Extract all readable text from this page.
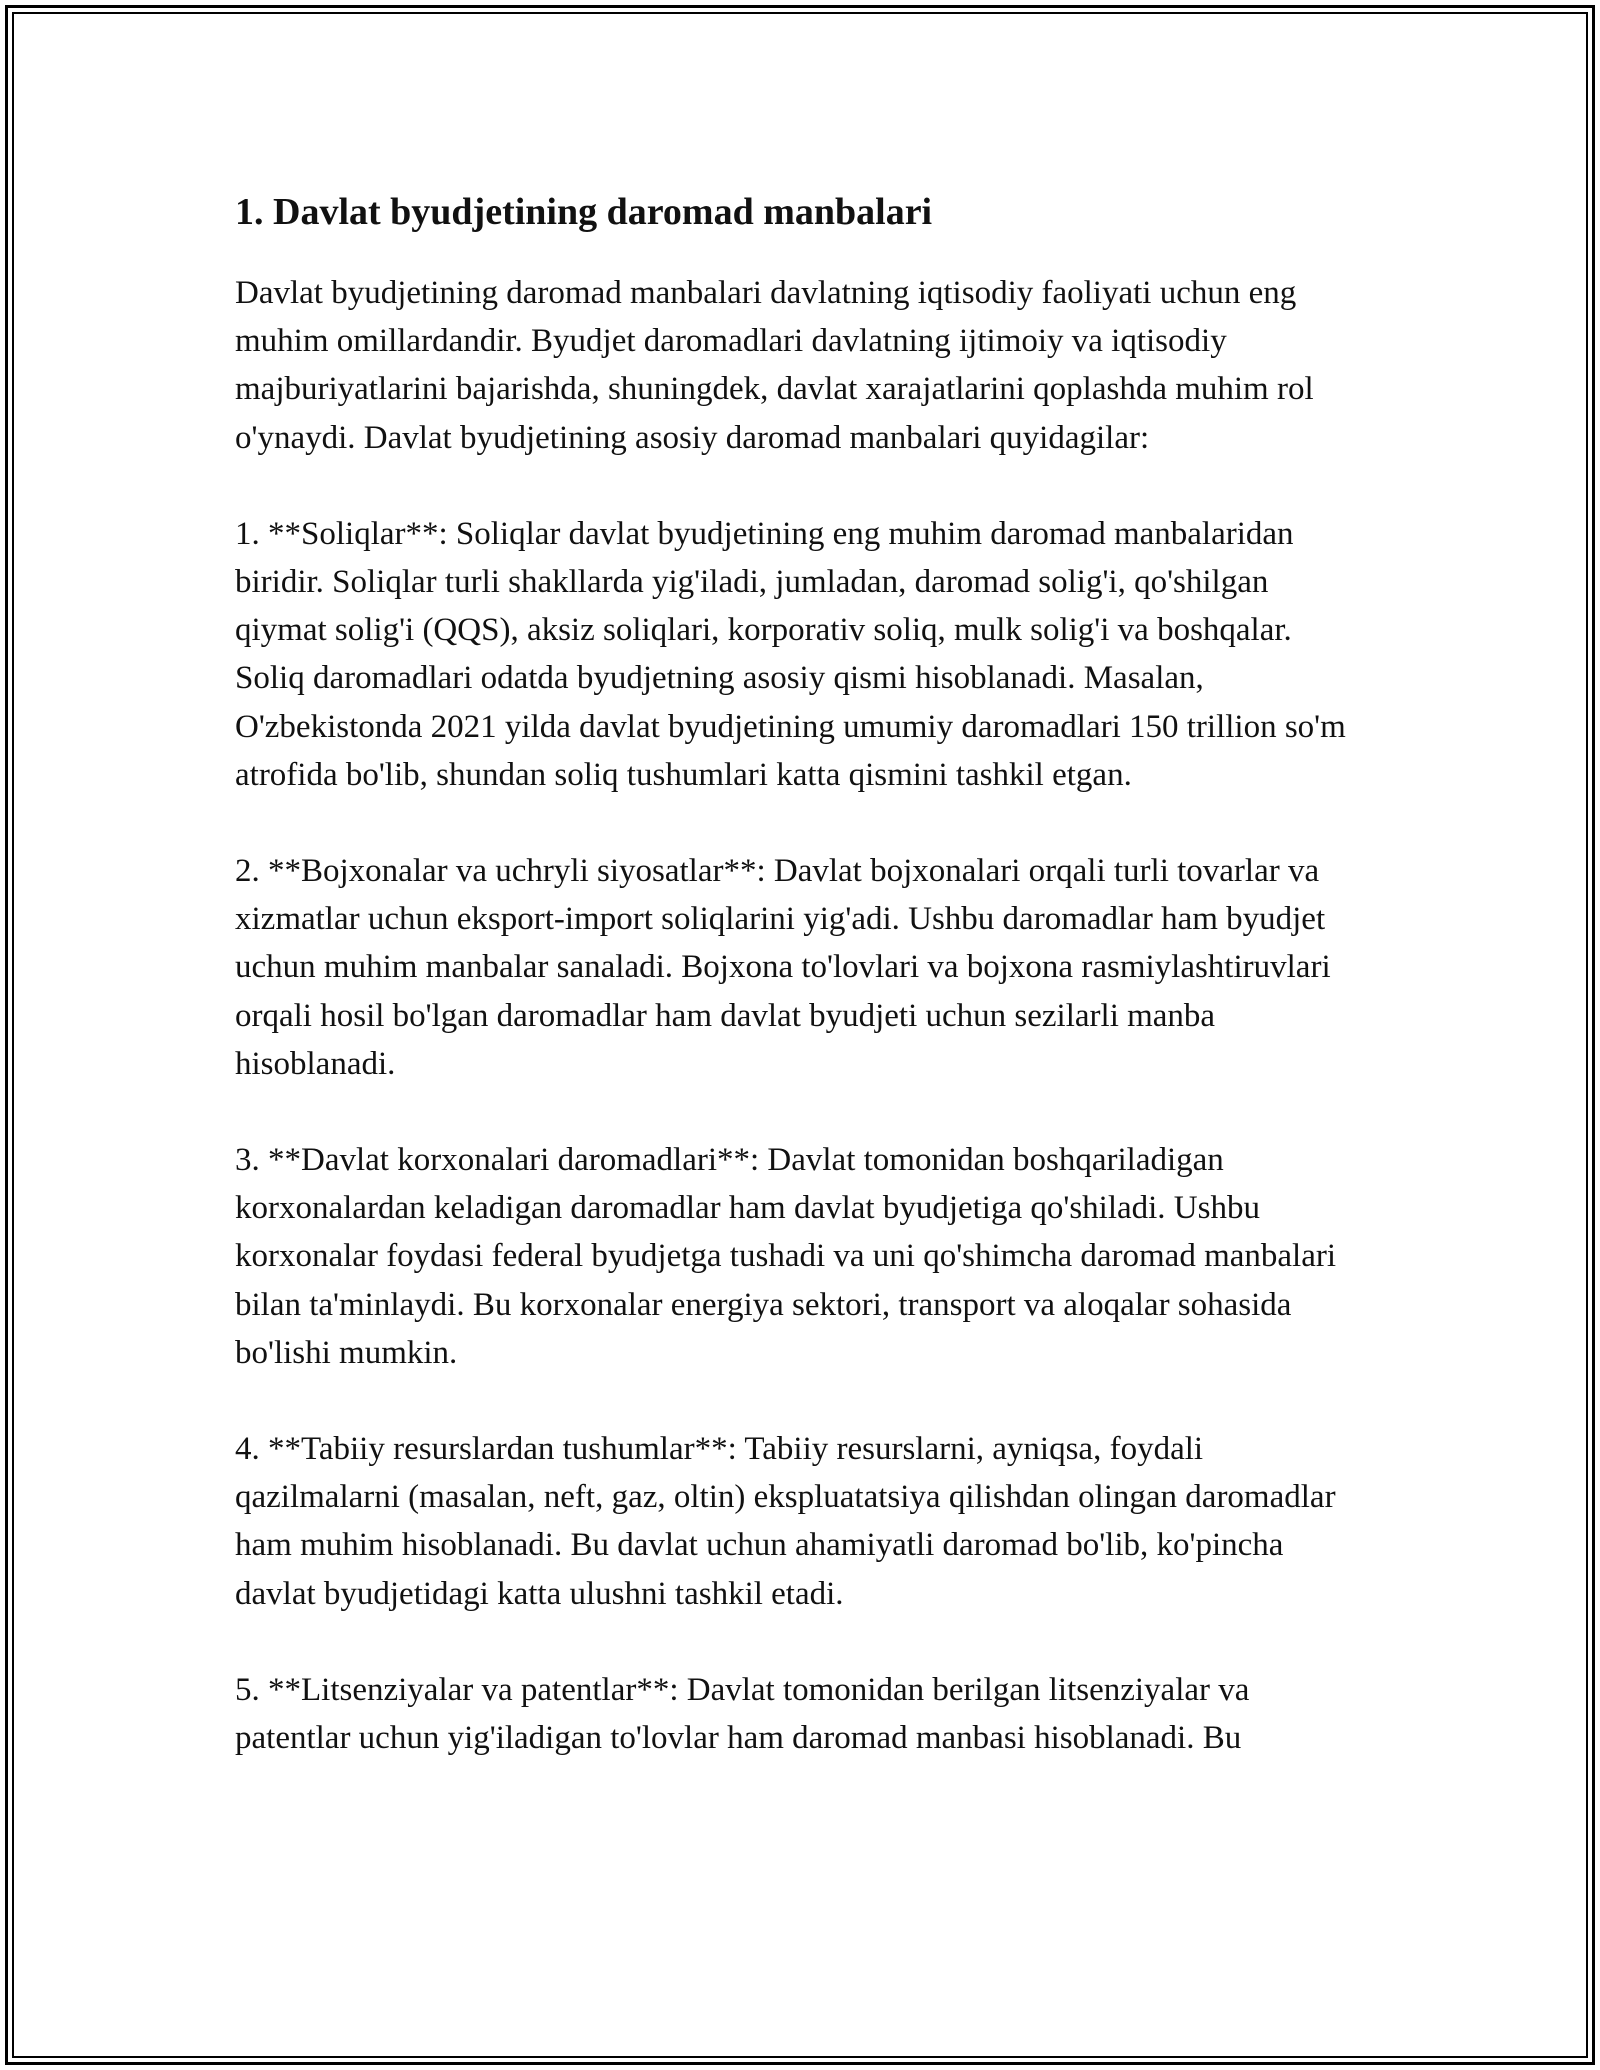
1. Davlat byudjetining daromad manbalari

Davlat byudjetining daromad manbalari davlatning iqtisodiy faoliyati uchun eng muhim omillardandir. Byudjet daromadlari davlatning ijtimoiy va iqtisodiy majburiyatlarini bajarishda, shuningdek, davlat xarajatlarini qoplashda muhim rol o'ynaydi. Davlat byudjetining asosiy daromad manbalari quyidagilar:

1. **Soliqlar**: Soliqlar davlat byudjetining eng muhim daromad manbalaridan biridir. Soliqlar turli shakllarda yig'iladi, jumladan, daromad solig'i, qo'shilgan qiymat solig'i (QQS), aksiz soliqlari, korporativ soliq, mulk solig'i va boshqalar. Soliq daromadlari odatda byudjetning asosiy qismi hisoblanadi. Masalan, O'zbekistonda 2021 yilda davlat byudjetining umumiy daromadlari 150 trillion so'm atrofida bo'lib, shundan soliq tushumlari katta qismini tashkil etgan.

2. **Bojxonalar va uchryli siyosatlar**: Davlat bojxonalari orqali turli tovarlar va xizmatlar uchun eksport-import soliqlarini yig'adi. Ushbu daromadlar ham byudjet uchun muhim manbalar sanaladi. Bojxona to'lovlari va bojxona rasmiylashtiruvlari orqali hosil bo'lgan daromadlar ham davlat byudjeti uchun sezilarli manba hisoblanadi.

3. **Davlat korxonalari daromadlari**: Davlat tomonidan boshqariladigan korxonalardan keladigan daromadlar ham davlat byudjetiga qo'shiladi. Ushbu korxonalar foydasi federal byudjetga tushadi va uni qo'shimcha daromad manbalari bilan ta'minlaydi. Bu korxonalar energiya sektori, transport va aloqalar sohasida bo'lishi mumkin.

4. **Tabiiy resurslardan tushumlar**: Tabiiy resurslarni, ayniqsa, foydali qazilmalarni (masalan, neft, gaz, oltin) ekspluatatsiya qilishdan olingan daromadlar ham muhim hisoblanadi. Bu davlat uchun ahamiyatli daromad bo'lib, ko'pincha davlat byudjetidagi katta ulushni tashkil etadi.

5. **Litsenziyalar va patentlar**: Davlat tomonidan berilgan litsenziyalar va patentlar uchun yig'iladigan to'lovlar ham daromad manbasi hisoblanadi. Bu
